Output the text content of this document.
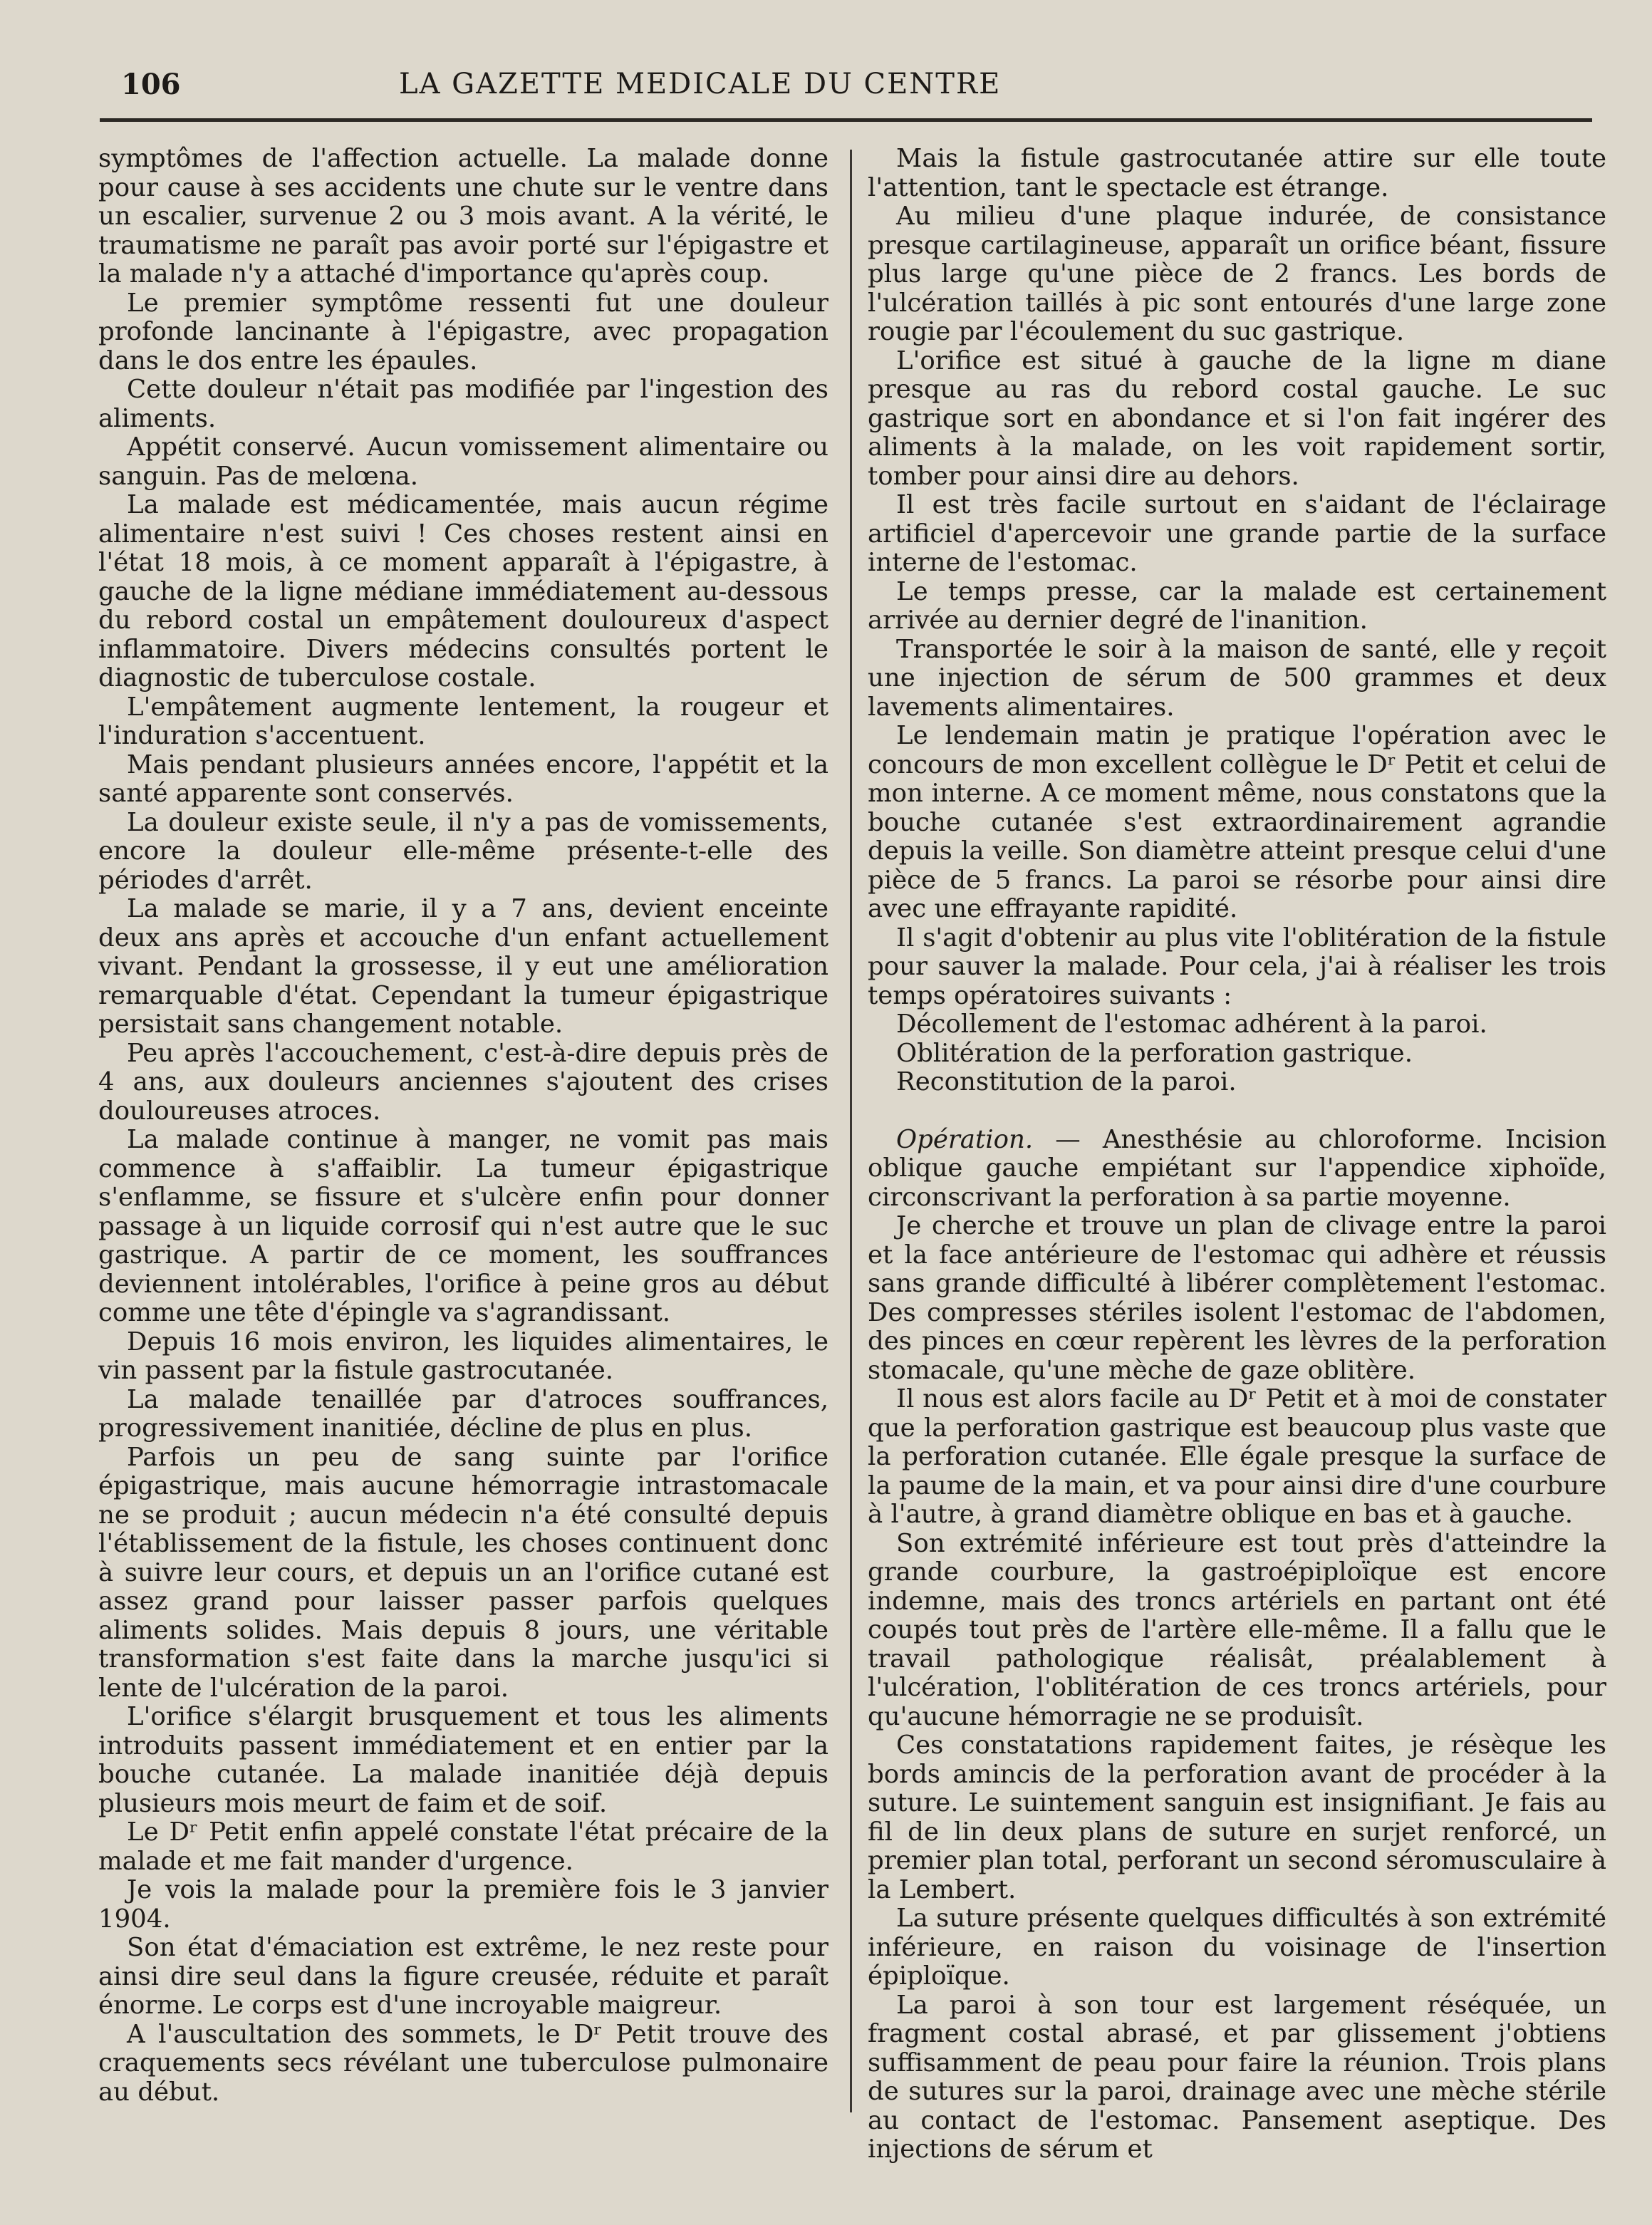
106	LA GAZETTE MEDICALE DU CENTRE

symptômes de l'affection actuelle. La malade donne pour cause à ses accidents une chute sur le ventre dans un escalier, survenue 2 ou 3 mois avant. A la vérité, le traumatisme ne paraît pas avoir porté sur l'épigastre et la malade n'y a attaché d'importance qu'après coup.

Le premier symptôme ressenti fut une douleur profonde lancinante à l'épigastre, avec propagation dans le dos entre les épaules.

Cette douleur n'était pas modifiée par l'ingestion des aliments.

Appétit conservé. Aucun vomissement alimentaire ou sanguin. Pas de melœna.

La malade est médicamentée, mais aucun régime alimentaire n'est suivi ! Ces choses restent ainsi en l'état 18 mois, à ce moment apparaît à l'épigastre, à gauche de la ligne médiane immédiatement au-dessous du rebord costal un empâtement douloureux d'aspect inflammatoire. Divers médecins consultés portent le diagnostic de tuberculose costale.

L'empâtement augmente lentement, la rougeur et l'induration s'accentuent.

Mais pendant plusieurs années encore, l'appétit et la santé apparente sont conservés.

La douleur existe seule, il n'y a pas de vomissements, encore la douleur elle-même présente-t-elle des périodes d'arrêt.

La malade se marie, il y a 7 ans, devient enceinte deux ans après et accouche d'un enfant actuellement vivant. Pendant la grossesse, il y eut une amélioration remarquable d'état. Cependant la tumeur épigastrique persistait sans changement notable.

Peu après l'accouchement, c'est-à-dire depuis près de 4 ans, aux douleurs anciennes s'ajoutent des crises douloureuses atroces.

La malade continue à manger, ne vomit pas mais commence à s'affaiblir. La tumeur épigastrique s'enflamme, se fissure et s'ulcère enfin pour donner passage à un liquide corrosif qui n'est autre que le suc gastrique. A partir de ce moment, les souffrances deviennent intolérables, l'orifice à peine gros au début comme une tête d'épingle va s'agrandissant.

Depuis 16 mois environ, les liquides alimentaires, le vin passent par la fistule gastrocutanée.

La malade tenaillée par d'atroces souffrances, progressivement inanitiée, décline de plus en plus.

Parfois un peu de sang suinte par l'orifice épigastrique, mais aucune hémorragie intrastomacale ne se produit ; aucun médecin n'a été consulté depuis l'établissement de la fistule, les choses continuent donc à suivre leur cours, et depuis un an l'orifice cutané est assez grand pour laisser passer parfois quelques aliments solides. Mais depuis 8 jours, une véritable transformation s'est faite dans la marche jusqu'ici si lente de l'ulcération de la paroi.

L'orifice s'élargit brusquement et tous les aliments introduits passent immédiatement et en entier par la bouche cutanée. La malade inanitiée déjà depuis plusieurs mois meurt de faim et de soif.

Le Dʳ Petit enfin appelé constate l'état précaire de la malade et me fait mander d'urgence.

Je vois la malade pour la première fois le 3 janvier 1904.

Son état d'émaciation est extrême, le nez reste pour ainsi dire seul dans la figure creusée, réduite et paraît énorme. Le corps est d'une incroyable maigreur.

A l'auscultation des sommets, le Dʳ Petit trouve des craquements secs révélant une tuberculose pulmonaire au début.

Mais la fistule gastrocutanée attire sur elle toute l'attention, tant le spectacle est étrange.

Au milieu d'une plaque indurée, de consistance presque cartilagineuse, apparaît un orifice béant, fissure plus large qu'une pièce de 2 francs. Les bords de l'ulcération taillés à pic sont entourés d'une large zone rougie par l'écoulement du suc gastrique.

L'orifice est situé à gauche de la ligne m diane presque au ras du rebord costal gauche. Le suc gastrique sort en abondance et si l'on fait ingérer des aliments à la malade, on les voit rapidement sortir, tomber pour ainsi dire au dehors.

Il est très facile surtout en s'aidant de l'éclairage artificiel d'apercevoir une grande partie de la surface interne de l'estomac.

Le temps presse, car la malade est certainement arrivée au dernier degré de l'inanition.

Transportée le soir à la maison de santé, elle y reçoit une injection de sérum de 500 grammes et deux lavements alimentaires.

Le lendemain matin je pratique l'opération avec le concours de mon excellent collègue le Dʳ Petit et celui de mon interne. A ce moment même, nous constatons que la bouche cutanée s'est extraordinairement agrandie depuis la veille. Son diamètre atteint presque celui d'une pièce de 5 francs. La paroi se résorbe pour ainsi dire avec une effrayante rapidité.

Il s'agit d'obtenir au plus vite l'oblitération de la fistule pour sauver la malade. Pour cela, j'ai à réaliser les trois temps opératoires suivants :

Décollement de l'estomac adhérent à la paroi.

Oblitération de la perforation gastrique.

Reconstitution de la paroi.

Opération. — Anesthésie au chloroforme. Incision oblique gauche empiétant sur l'appendice xiphoïde, circonscrivant la perforation à sa partie moyenne.

Je cherche et trouve un plan de clivage entre la paroi et la face antérieure de l'estomac qui adhère et réussis sans grande difficulté à libérer complètement l'estomac. Des compresses stériles isolent l'estomac de l'abdomen, des pinces en cœur repèrent les lèvres de la perforation stomacale, qu'une mèche de gaze oblitère.

Il nous est alors facile au Dʳ Petit et à moi de constater que la perforation gastrique est beaucoup plus vaste que la perforation cutanée. Elle égale presque la surface de la paume de la main, et va pour ainsi dire d'une courbure à l'autre, à grand diamètre oblique en bas et à gauche.

Son extrémité inférieure est tout près d'atteindre la grande courbure, la gastroépiploïque est encore indemne, mais des troncs artériels en partant ont été coupés tout près de l'artère elle-même. Il a fallu que le travail pathologique réalisât, préalablement à l'ulcération, l'oblitération de ces troncs artériels, pour qu'aucune hémorragie ne se produisît.

Ces constatations rapidement faites, je résèque les bords amincis de la perforation avant de procéder à la suture. Le suintement sanguin est insignifiant. Je fais au fil de lin deux plans de suture en surjet renforcé, un premier plan total, perforant un second séromusculaire à la Lembert.

La suture présente quelques difficultés à son extrémité inférieure, en raison du voisinage de l'insertion épiploïque.

La paroi à son tour est largement réséquée, un fragment costal abrasé, et par glissement j'obtiens suffisamment de peau pour faire la réunion. Trois plans de sutures sur la paroi, drainage avec une mèche stérile au contact de l'estomac. Pansement aseptique. Des injections de sérum et
